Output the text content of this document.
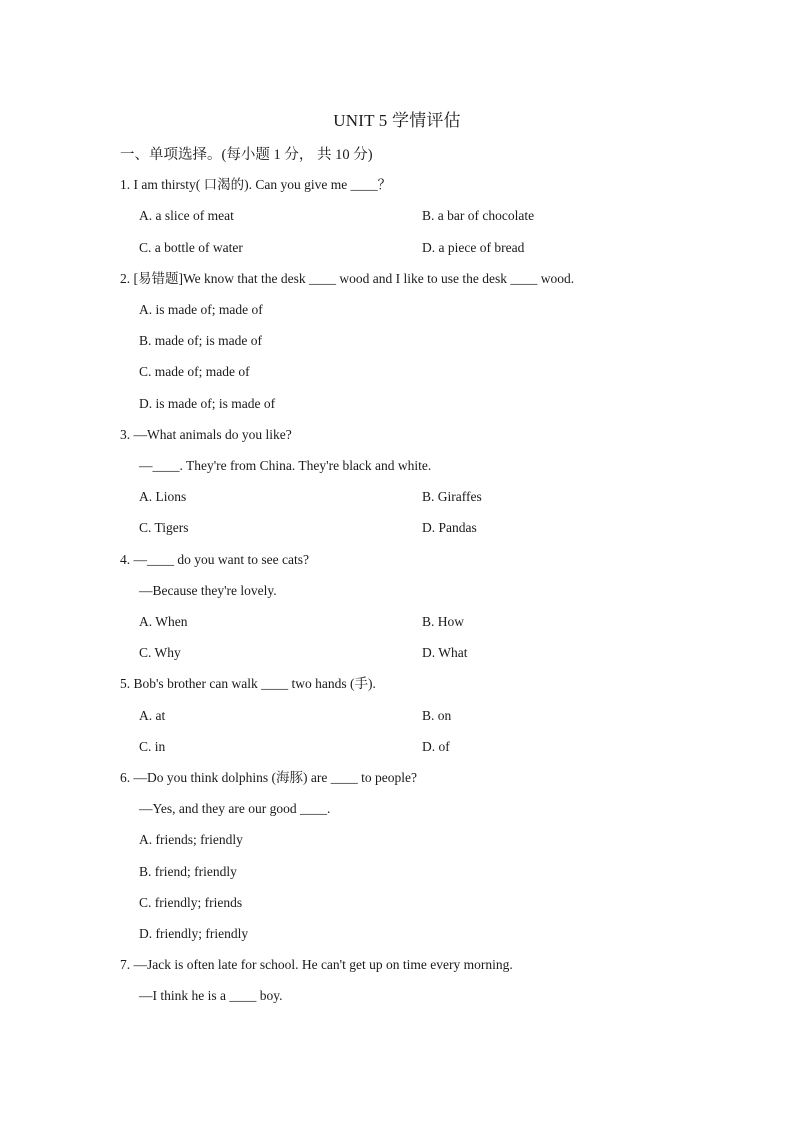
UNIT 5 学情评估
一、单项选择。(每小题 1 分， 共 10 分)
1. I am thirsty( 口渴的). Can you give me ____？
A. a slice of meat	B. a bar of chocolate
C. a bottle of water	D. a piece of bread
2. [易错题]We know that the desk ____ wood and I like to use the desk ____ wood.
A. is made of; made of
B. made of; is made of
C. made of; made of
D. is made of; is made of
3. —What animals do you like?
—____. They're from China. They're black and white.
A. Lions	B. Giraffes
C. Tigers	D. Pandas
4. —____ do you want to see cats?
—Because they're lovely.
A. When	B. How
C. Why	D. What
5. Bob's brother can walk ____ two hands (手).
A. at	B. on
C. in	D. of
6. —Do you think dolphins (海豚) are ____ to people?
—Yes, and they are our good ____.
A. friends; friendly
B. friend; friendly
C. friendly; friends
D. friendly; friendly
7. —Jack is often late for school. He can't get up on time every morning.
—I think he is a ____ boy.
